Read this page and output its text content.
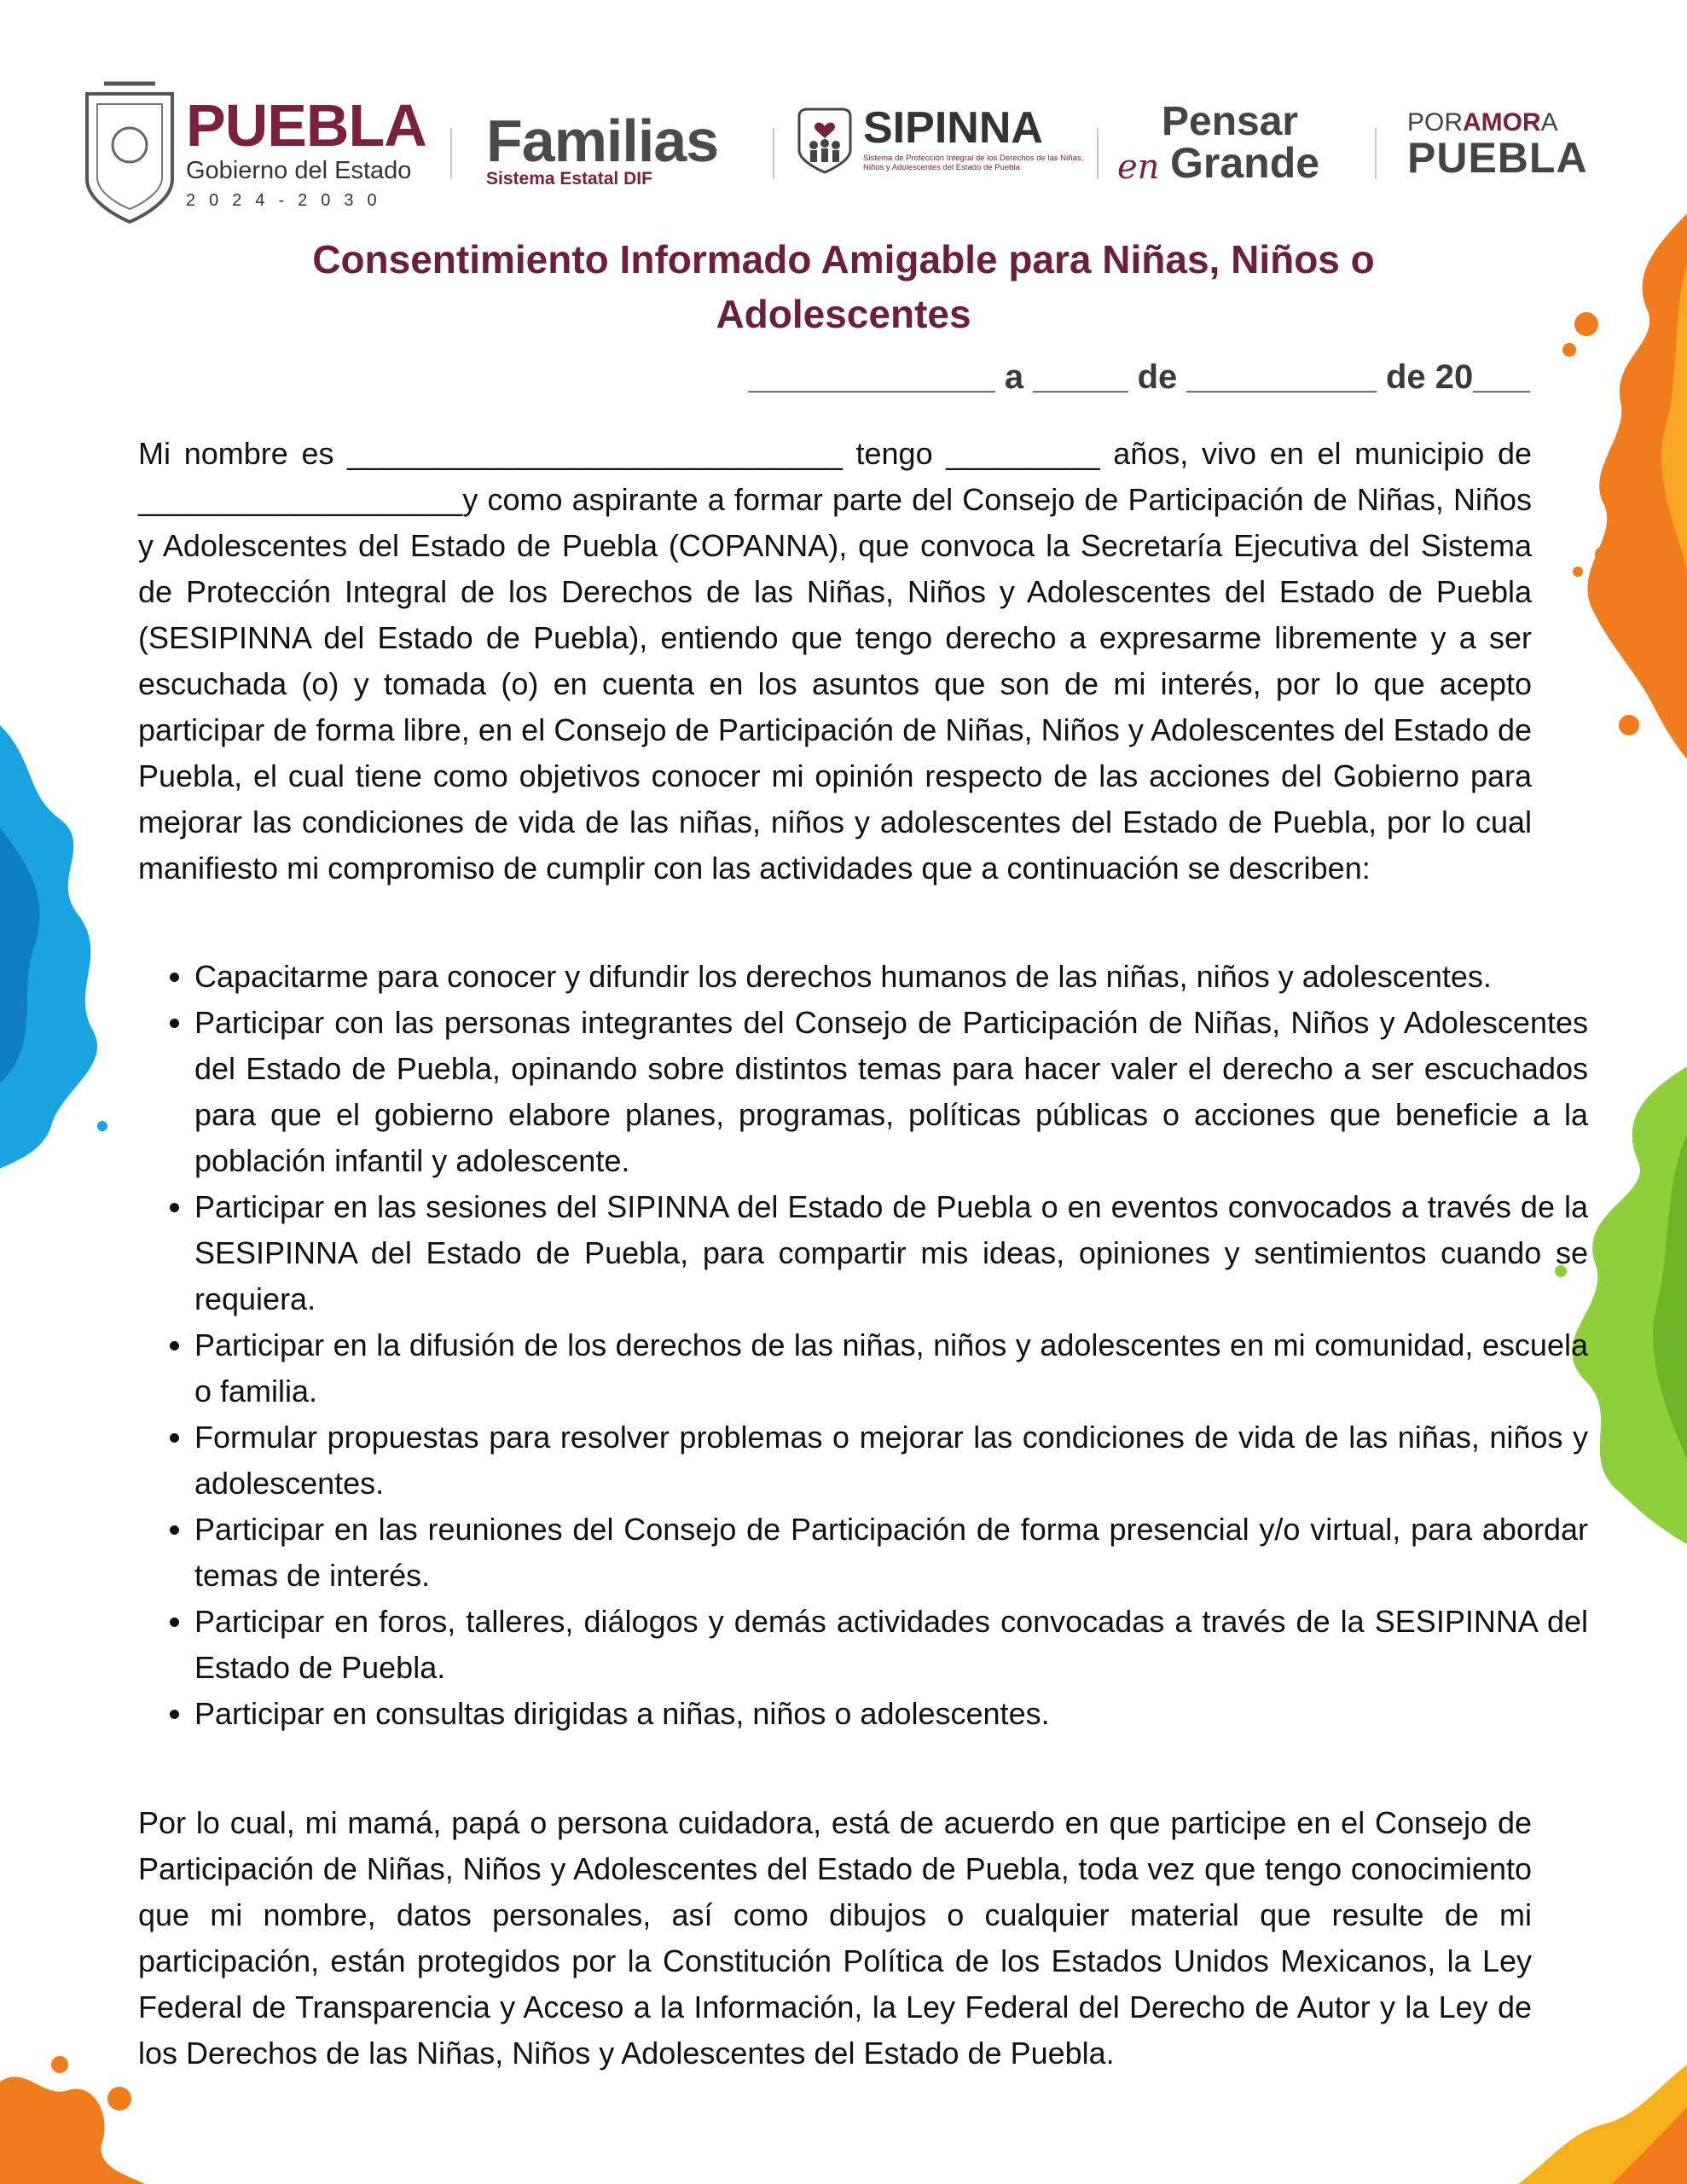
PUEBLA
Gobierno del Estado
2024-2030
Familias
Sistema Estatal DIF
SIPINNA
Sistema de Protección Integral de los Derechos de las Niñas, Niños y Adolescentes del Estado de Puebla
Pensar
en Grande
PORAMORA
PUEBLA
Consentimiento Informado Amigable para Niñas, Niños o Adolescentes
_____________ a _____ de __________ de 20___
Mi nombre es _____________________________ tengo _________ años, vivo en el municipio de ___________________y como aspirante a formar parte del Consejo de Participación de Niñas, Niños y Adolescentes del Estado de Puebla (COPANNA), que convoca la Secretaría Ejecutiva del Sistema de Protección Integral de los Derechos de las Niñas, Niños y Adolescentes del Estado de Puebla (SESIPINNA del Estado de Puebla), entiendo que tengo derecho a expresarme libremente y a ser escuchada (o) y tomada (o) en cuenta en los asuntos que son de mi interés, por lo que acepto participar de forma libre, en el Consejo de Participación de Niñas, Niños y Adolescentes del Estado de Puebla, el cual tiene como objetivos conocer mi opinión respecto de las acciones del Gobierno para mejorar las condiciones de vida de las niñas, niños y adolescentes del Estado de Puebla, por lo cual manifiesto mi compromiso de cumplir con las actividades que a continuación se describen:
• Capacitarme para conocer y difundir los derechos humanos de las niñas, niños y adolescentes.
• Participar con las personas integrantes del Consejo de Participación de Niñas, Niños y Adolescentes del Estado de Puebla, opinando sobre distintos temas para hacer valer el derecho a ser escuchados para que el gobierno elabore planes, programas, políticas públicas o acciones que beneficie a la población infantil y adolescente.
• Participar en las sesiones del SIPINNA del Estado de Puebla o en eventos convocados a través de la SESIPINNA del Estado de Puebla, para compartir mis ideas, opiniones y sentimientos cuando se requiera.
• Participar en la difusión de los derechos de las niñas, niños y adolescentes en mi comunidad, escuela o familia.
• Formular propuestas para resolver problemas o mejorar las condiciones de vida de las niñas, niños y adolescentes.
• Participar en las reuniones del Consejo de Participación de forma presencial y/o virtual, para abordar temas de interés.
• Participar en foros, talleres, diálogos y demás actividades convocadas a través de la SESIPINNA del Estado de Puebla.
• Participar en consultas dirigidas a niñas, niños o adolescentes.
Por lo cual, mi mamá, papá o persona cuidadora, está de acuerdo en que participe en el Consejo de Participación de Niñas, Niños y Adolescentes del Estado de Puebla, toda vez que tengo conocimiento que mi nombre, datos personales, así como dibujos o cualquier material que resulte de mi participación, están protegidos por la Constitución Política de los Estados Unidos Mexicanos, la Ley Federal de Transparencia y Acceso a la Información, la Ley Federal del Derecho de Autor y la Ley de los Derechos de las Niñas, Niños y Adolescentes del Estado de Puebla.
